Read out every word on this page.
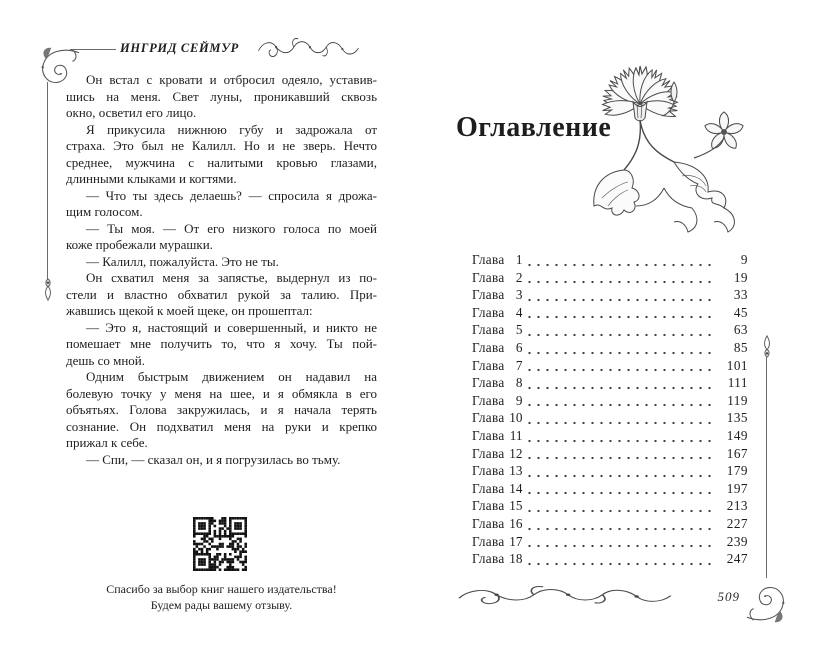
ИНГРИД СЕЙМУР
Он встал с кровати и отбросил одеяло, уставив-
шись на меня. Свет луны, проникавший сквозь
окно, осветил его лицо.
Я прикусила нижнюю губу и задрожала от
страха. Это был не Калилл. Но и не зверь. Нечто
среднее, мужчина с налитыми кровью глазами,
длинными клыками и когтями.
— Что ты здесь делаешь? — спросила я дрожа-
щим голосом.
— Ты моя. — От его низкого голоса по моей
коже пробежали мурашки.
— Калилл, пожалуйста. Это не ты.
Он схватил меня за запястье, выдернул из по-
стели и властно обхватил рукой за талию. При-
жавшись щекой к моей щеке, он прошептал:
— Это я, настоящий и совершенный, и никто не
помешает мне получить то, что я хочу. Ты пой-
дешь со мной.
Одним быстрым движением он надавил на
болевую точку у меня на шее, и я обмякла в его
объятьях. Голова закружилась, и я начала терять
сознание. Он подхватил меня на руки и крепко
прижал к себе.
— Спи, — сказал он, и я погрузилась во тьму.
Спасибо за выбор книг нашего издательства!
Будем рады вашему отзыву.
Оглавление
Глава 1	9
Глава 2	19
Глава 3	33
Глава 4	45
Глава 5	63
Глава 6	85
Глава 7	101
Глава 8	111
Глава 9	119
Глава 10	135
Глава 11	149
Глава 12	167
Глава 13	179
Глава 14	197
Глава 15	213
Глава 16	227
Глава 17	239
Глава 18	247
509
